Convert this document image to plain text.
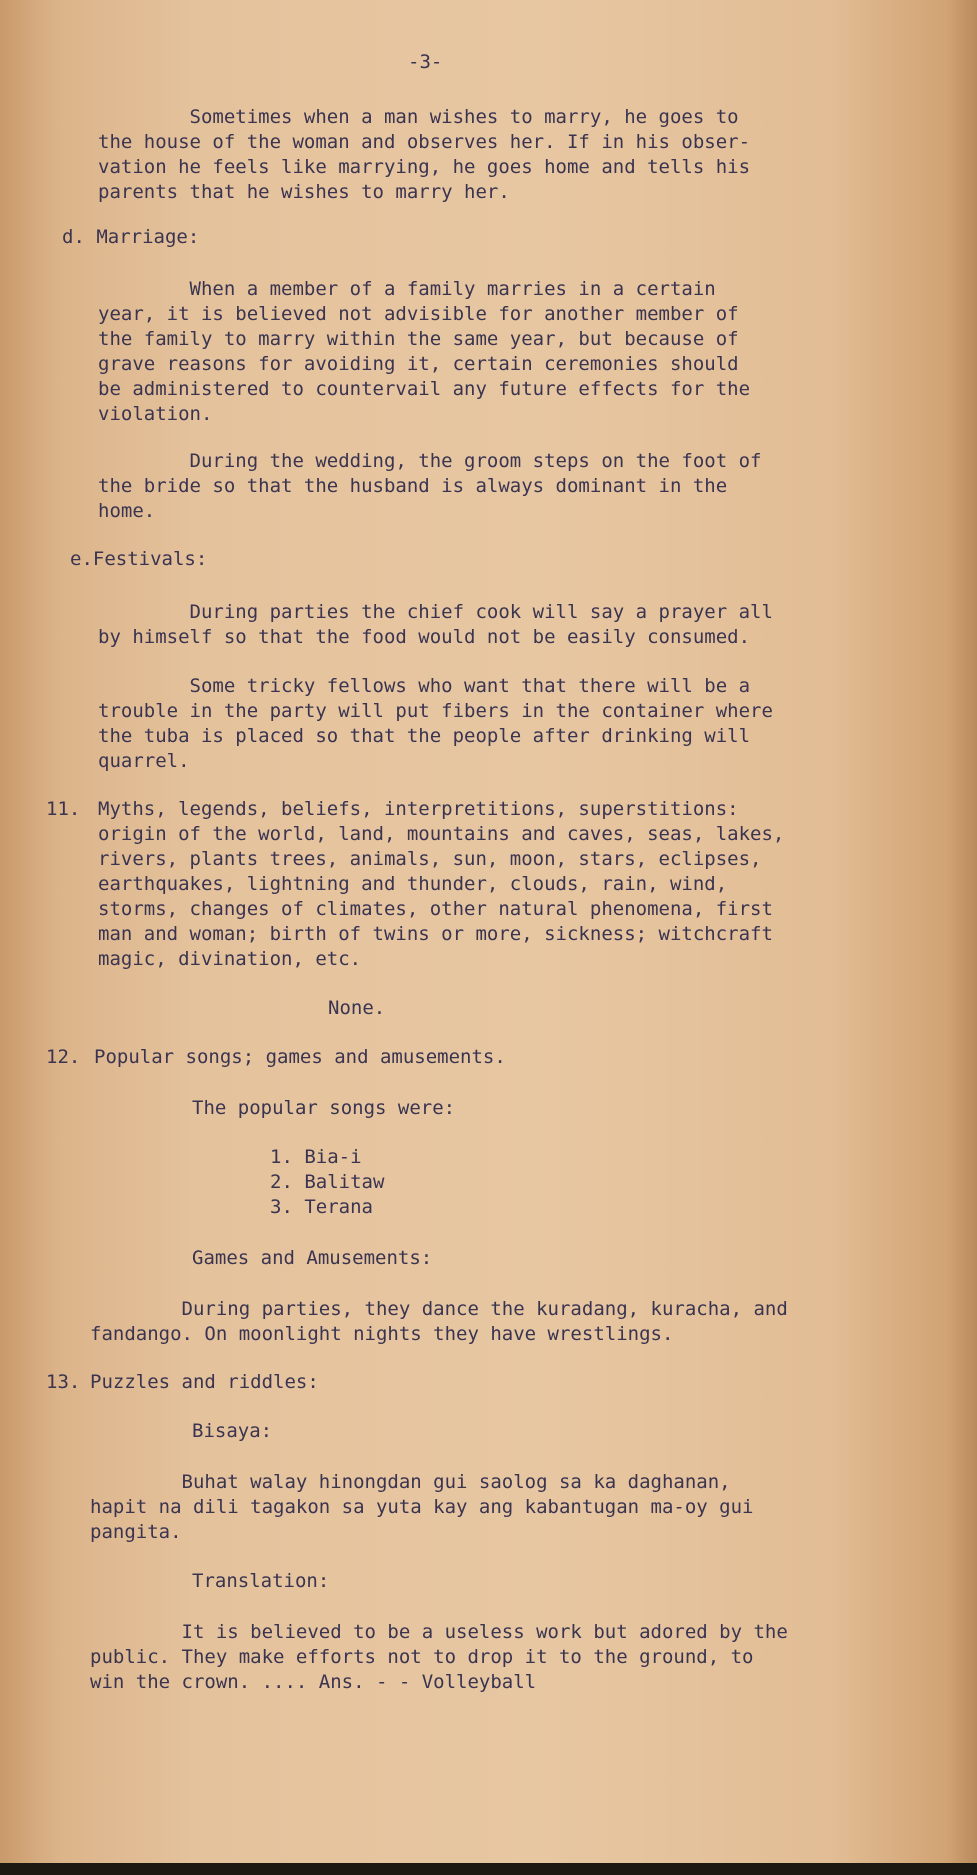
-3-

Sometimes when a man wishes to marry, he goes to
the house of the woman and observes her. If in his obser-
vation he feels like marrying, he goes home and tells his
parents that he wishes to marry her.

d. Marriage:

When a member of a family marries in a certain
year, it is believed not advisible for another member of
the family to marry within the same year, but because of
grave reasons for avoiding it, certain ceremonies should
be administered to countervail any future effects for the
violation.

During the wedding, the groom steps on the foot of
the bride so that the husband is always dominant in the
home.

e.Festivals:

During parties the chief cook will say a prayer all
by himself so that the food would not be easily consumed.

Some tricky fellows who want that there will be a
trouble in the party will put fibers in the container where
the tuba is placed so that the people after drinking will
quarrel.

11. Myths, legends, beliefs, interpretitions, superstitions:
origin of the world, land, mountains and caves, seas, lakes,
rivers, plants trees, animals, sun, moon, stars, eclipses,
earthquakes, lightning and thunder, clouds, rain, wind,
storms, changes of climates, other natural phenomena, first
man and woman; birth of twins or more, sickness; witchcraft
magic, divination, etc.

None.

12. Popular songs; games and amusements.

The popular songs were:

1. Bia-i
2. Balitaw
3. Terana

Games and Amusements:

During parties, they dance the kuradang, kuracha, and
fandango. On moonlight nights they have wrestlings.

13. Puzzles and riddles:

Bisaya:

Buhat walay hinongdan gui saolog sa ka daghanan,
hapit na dili tagakon sa yuta kay ang kabantugan ma-oy gui
pangita.

Translation:

It is believed to be a useless work but adored by the
public. They make efforts not to drop it to the ground, to
win the crown. .... Ans. - - Volleyball
